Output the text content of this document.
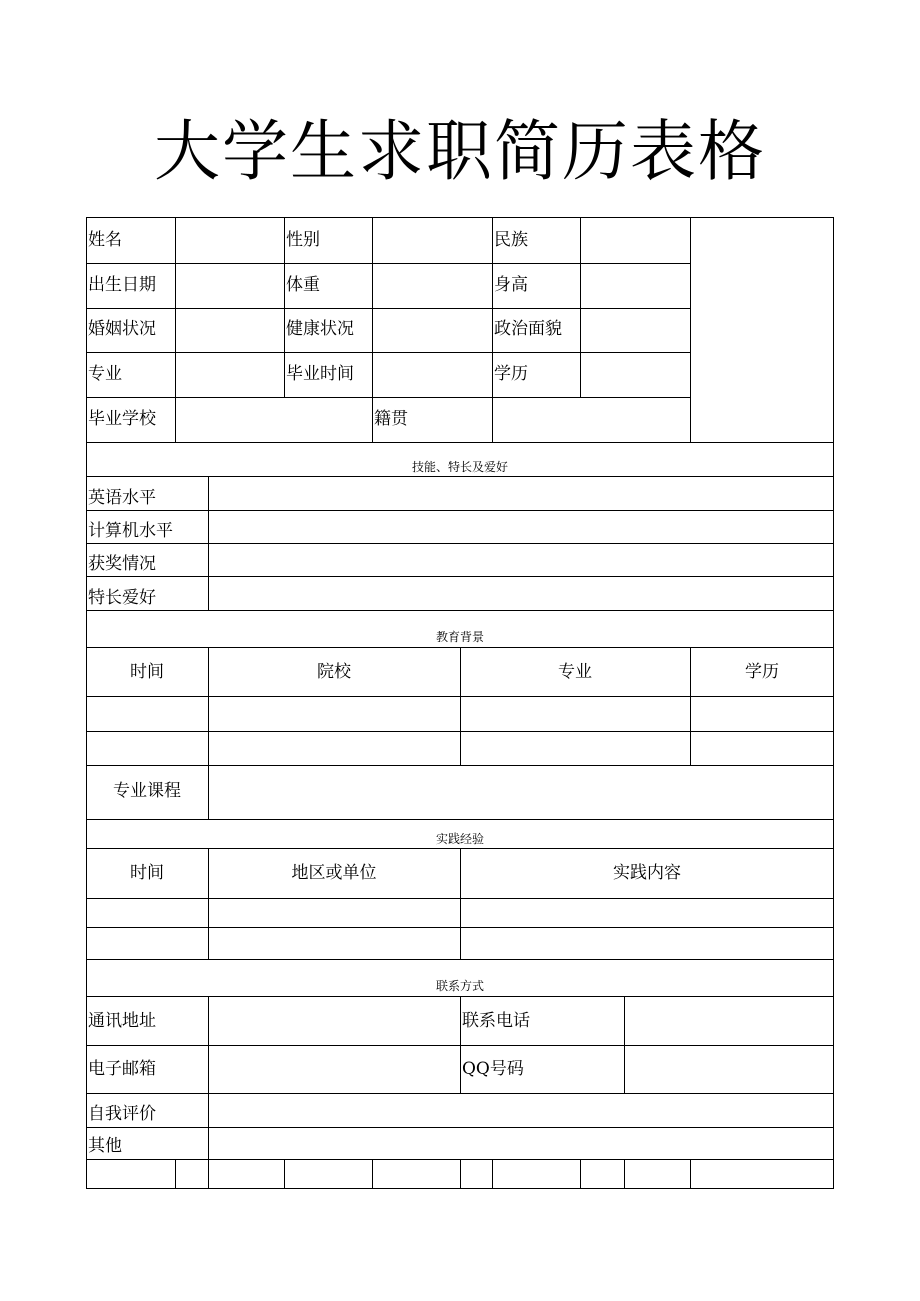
大学生求职简历表格
姓名	性别	民族
出生日期	体重	身高
婚姻状况	健康状况	政治面貌
专业	毕业时间	学历
毕业学校	籍贯
技能、特长及爱好
英语水平
计算机水平
获奖情况
特长爱好
教育背景
时间	院校	专业	学历
专业课程
实践经验
时间	地区或单位	实践内容
联系方式
通讯地址	联系电话
电子邮箱	QQ号码
自我评价
其他
